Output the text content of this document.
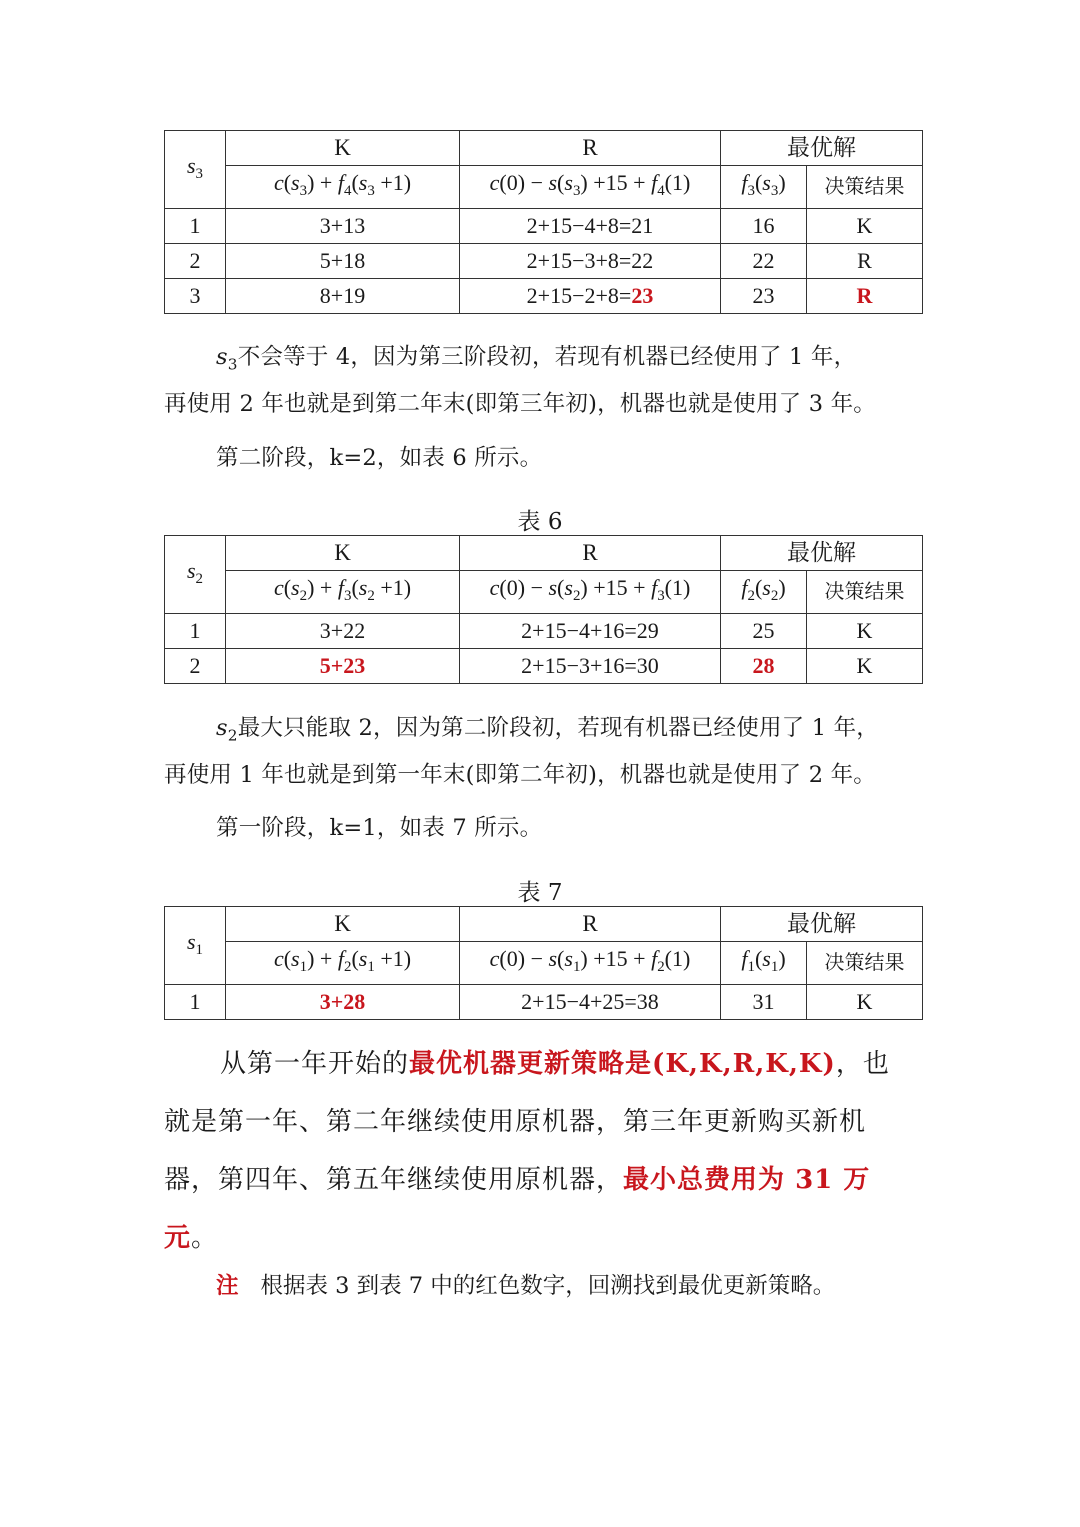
$s_3$	K	R	最优解	
	$c(s_3) + f_4(s_3 +1)$	$c(0) - s(s_3) +15 + f_4(1)$	$f_3(s_3)$	决策结果
1	3+13	2+15−4+8=21	16	K
2	5+18	2+15−3+8=22	22	R
3	8+19	2+15−2+8=23	23	R

$s_3$不会等于 4，因为第三阶段初，若现有机器已经使用了 1 年，
再使用 2 年也就是到第二年末(即第三年初)，机器也就是使用了 3 年。

第二阶段，k=2，如表 6 所示。

表 6
$s_2$	K	R	最优解	
	$c(s_2) + f_3(s_2 +1)$	$c(0) - s(s_2) +15 + f_3(1)$	$f_2(s_2)$	决策结果
1	3+22	2+15−4+16=29	25	K
2	5+23	2+15−3+16=30	28	K

$s_2$最大只能取 2，因为第二阶段初，若现有机器已经使用了 1 年，
再使用 1 年也就是到第一年末(即第二年初)，机器也就是使用了 2 年。

第一阶段，k=1，如表 7 所示。

表 7
$s_1$	K	R	最优解	
	$c(s_1) + f_2(s_1 +1)$	$c(0) - s(s_1) +15 + f_2(1)$	$f_1(s_1)$	决策结果
1	3+28	2+15−4+25=38	31	K

从第一年开始的最优机器更新策略是(K,K,R,K,K)，也
就是第一年、第二年继续使用原机器，第三年更新购买新机
器，第四年、第五年继续使用原机器，最小总费用为 31 万
元。

注 根据表 3 到表 7 中的红色数字，回溯找到最优更新策略。
